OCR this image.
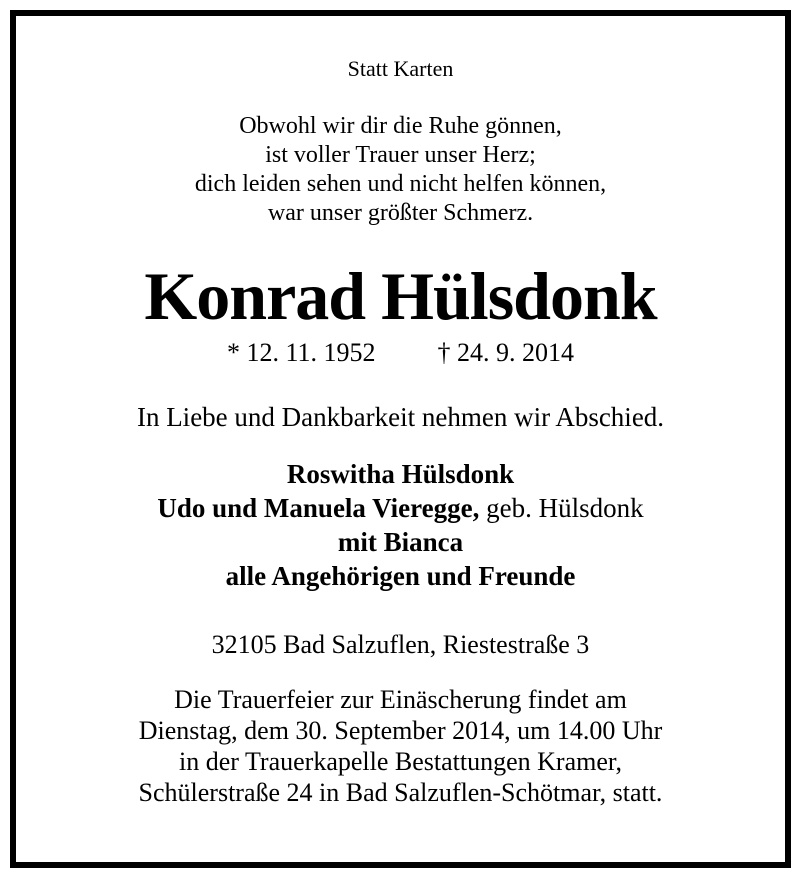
Statt Karten
Obwohl wir dir die Ruhe gönnen,
ist voller Trauer unser Herz;
dich leiden sehen und nicht helfen können,
war unser größter Schmerz.
Konrad Hülsdonk
* 12. 11. 1952 † 24. 9. 2014
In Liebe und Dankbarkeit nehmen wir Abschied.
Roswitha Hülsdonk
Udo und Manuela Vieregge, geb. Hülsdonk
mit Bianca
alle Angehörigen und Freunde
32105 Bad Salzuflen, Riestestraße 3
Die Trauerfeier zur Einäscherung findet am
Dienstag, dem 30. September 2014, um 14.00 Uhr
in der Trauerkapelle Bestattungen Kramer,
Schülerstraße 24 in Bad Salzuflen-Schötmar, statt.
